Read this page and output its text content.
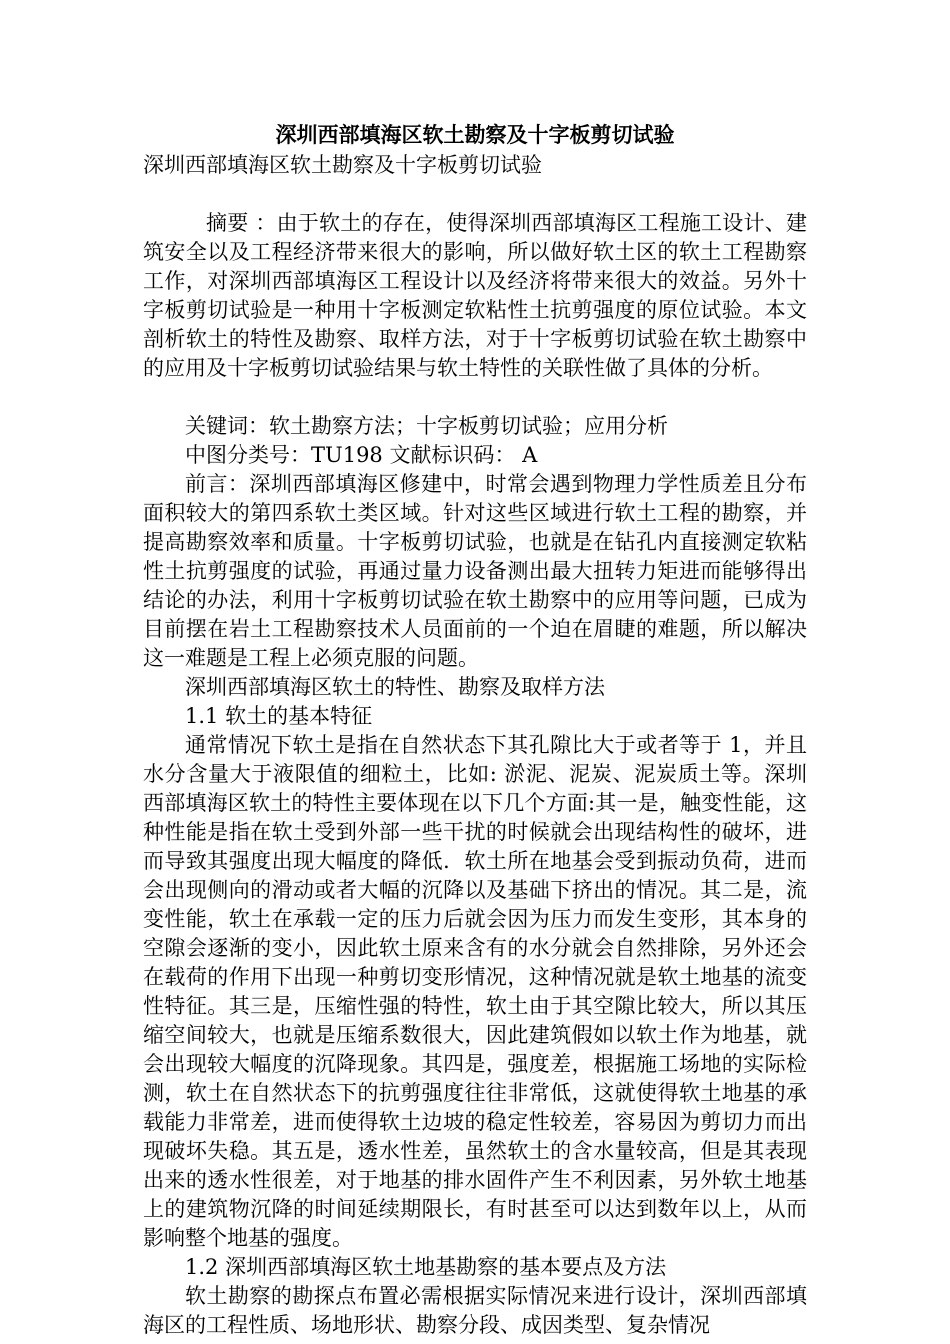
深圳西部填海区软土勘察及十字板剪切试验

深圳西部填海区软土勘察及十字板剪切试验

摘要 ：由于软土的存在，使得深圳西部填海区工程施工设计、建筑安全以及工程经济带来很大的影响，所以做好软土区的软土工程勘察工作，对深圳西部填海区工程设计以及经济将带来很大的效益。另外十字板剪切试验是一种用十字板测定软粘性土抗剪强度的原位试验。本文剖析软土的特性及勘察、取样方法，对于十字板剪切试验在软土勘察中的应用及十字板剪切试验结果与软土特性的关联性做了具体的分析。

关键词：软土勘察方法；十字板剪切试验；应用分析

中图分类号：TU198 文献标识码： A

前言：深圳西部填海区修建中，时常会遇到物理力学性质差且分布面积较大的第四系软土类区域。针对这些区域进行软土工程的勘察，并提高勘察效率和质量。十字板剪切试验，也就是在钻孔内直接测定软粘性土抗剪强度的试验，再通过量力设备测出最大扭转力矩进而能够得出结论的办法，利用十字板剪切试验在软土勘察中的应用等问题，已成为目前摆在岩土工程勘察技术人员面前的一个迫在眉睫的难题，所以解决这一难题是工程上必须克服的问题。

深圳西部填海区软土的特性、勘察及取样方法

1.1 软土的基本特征

通常情况下软土是指在自然状态下其孔隙比大于或者等于 1，并且水分含量大于液限值的细粒土，比如: 淤泥、泥炭、泥炭质土等。深圳西部填海区软土的特性主要体现在以下几个方面:其一是，触变性能，这种性能是指在软土受到外部一些干扰的时候就会出现结构性的破坏，进而导致其强度出现大幅度的降低．软土所在地基会受到振动负荷，进而会出现侧向的滑动或者大幅的沉降以及基础下挤出的情况。其二是，流变性能，软土在承载一定的压力后就会因为压力而发生变形，其本身的空隙会逐渐的变小，因此软土原来含有的水分就会自然排除，另外还会在载荷的作用下出现一种剪切变形情况，这种情况就是软土地基的流变性特征。其三是，压缩性强的特性，软土由于其空隙比较大，所以其压缩空间较大，也就是压缩系数很大，因此建筑假如以软土作为地基，就会出现较大幅度的沉降现象。其四是，强度差，根据施工场地的实际检测，软土在自然状态下的抗剪强度往往非常低，这就使得软土地基的承载能力非常差，进而使得软土边坡的稳定性较差，容易因为剪切力而出现破坏失稳。其五是，透水性差，虽然软土的含水量较高，但是其表现出来的透水性很差，对于地基的排水固件产生不利因素，另外软土地基上的建筑物沉降的时间延续期限长，有时甚至可以达到数年以上，从而影响整个地基的强度。

1.2 深圳西部填海区软土地基勘察的基本要点及方法

软土勘察的勘探点布置必需根据实际情况来进行设计，深圳西部填海区的工程性质、场地形状、勘察分段、成因类型、复杂情况
